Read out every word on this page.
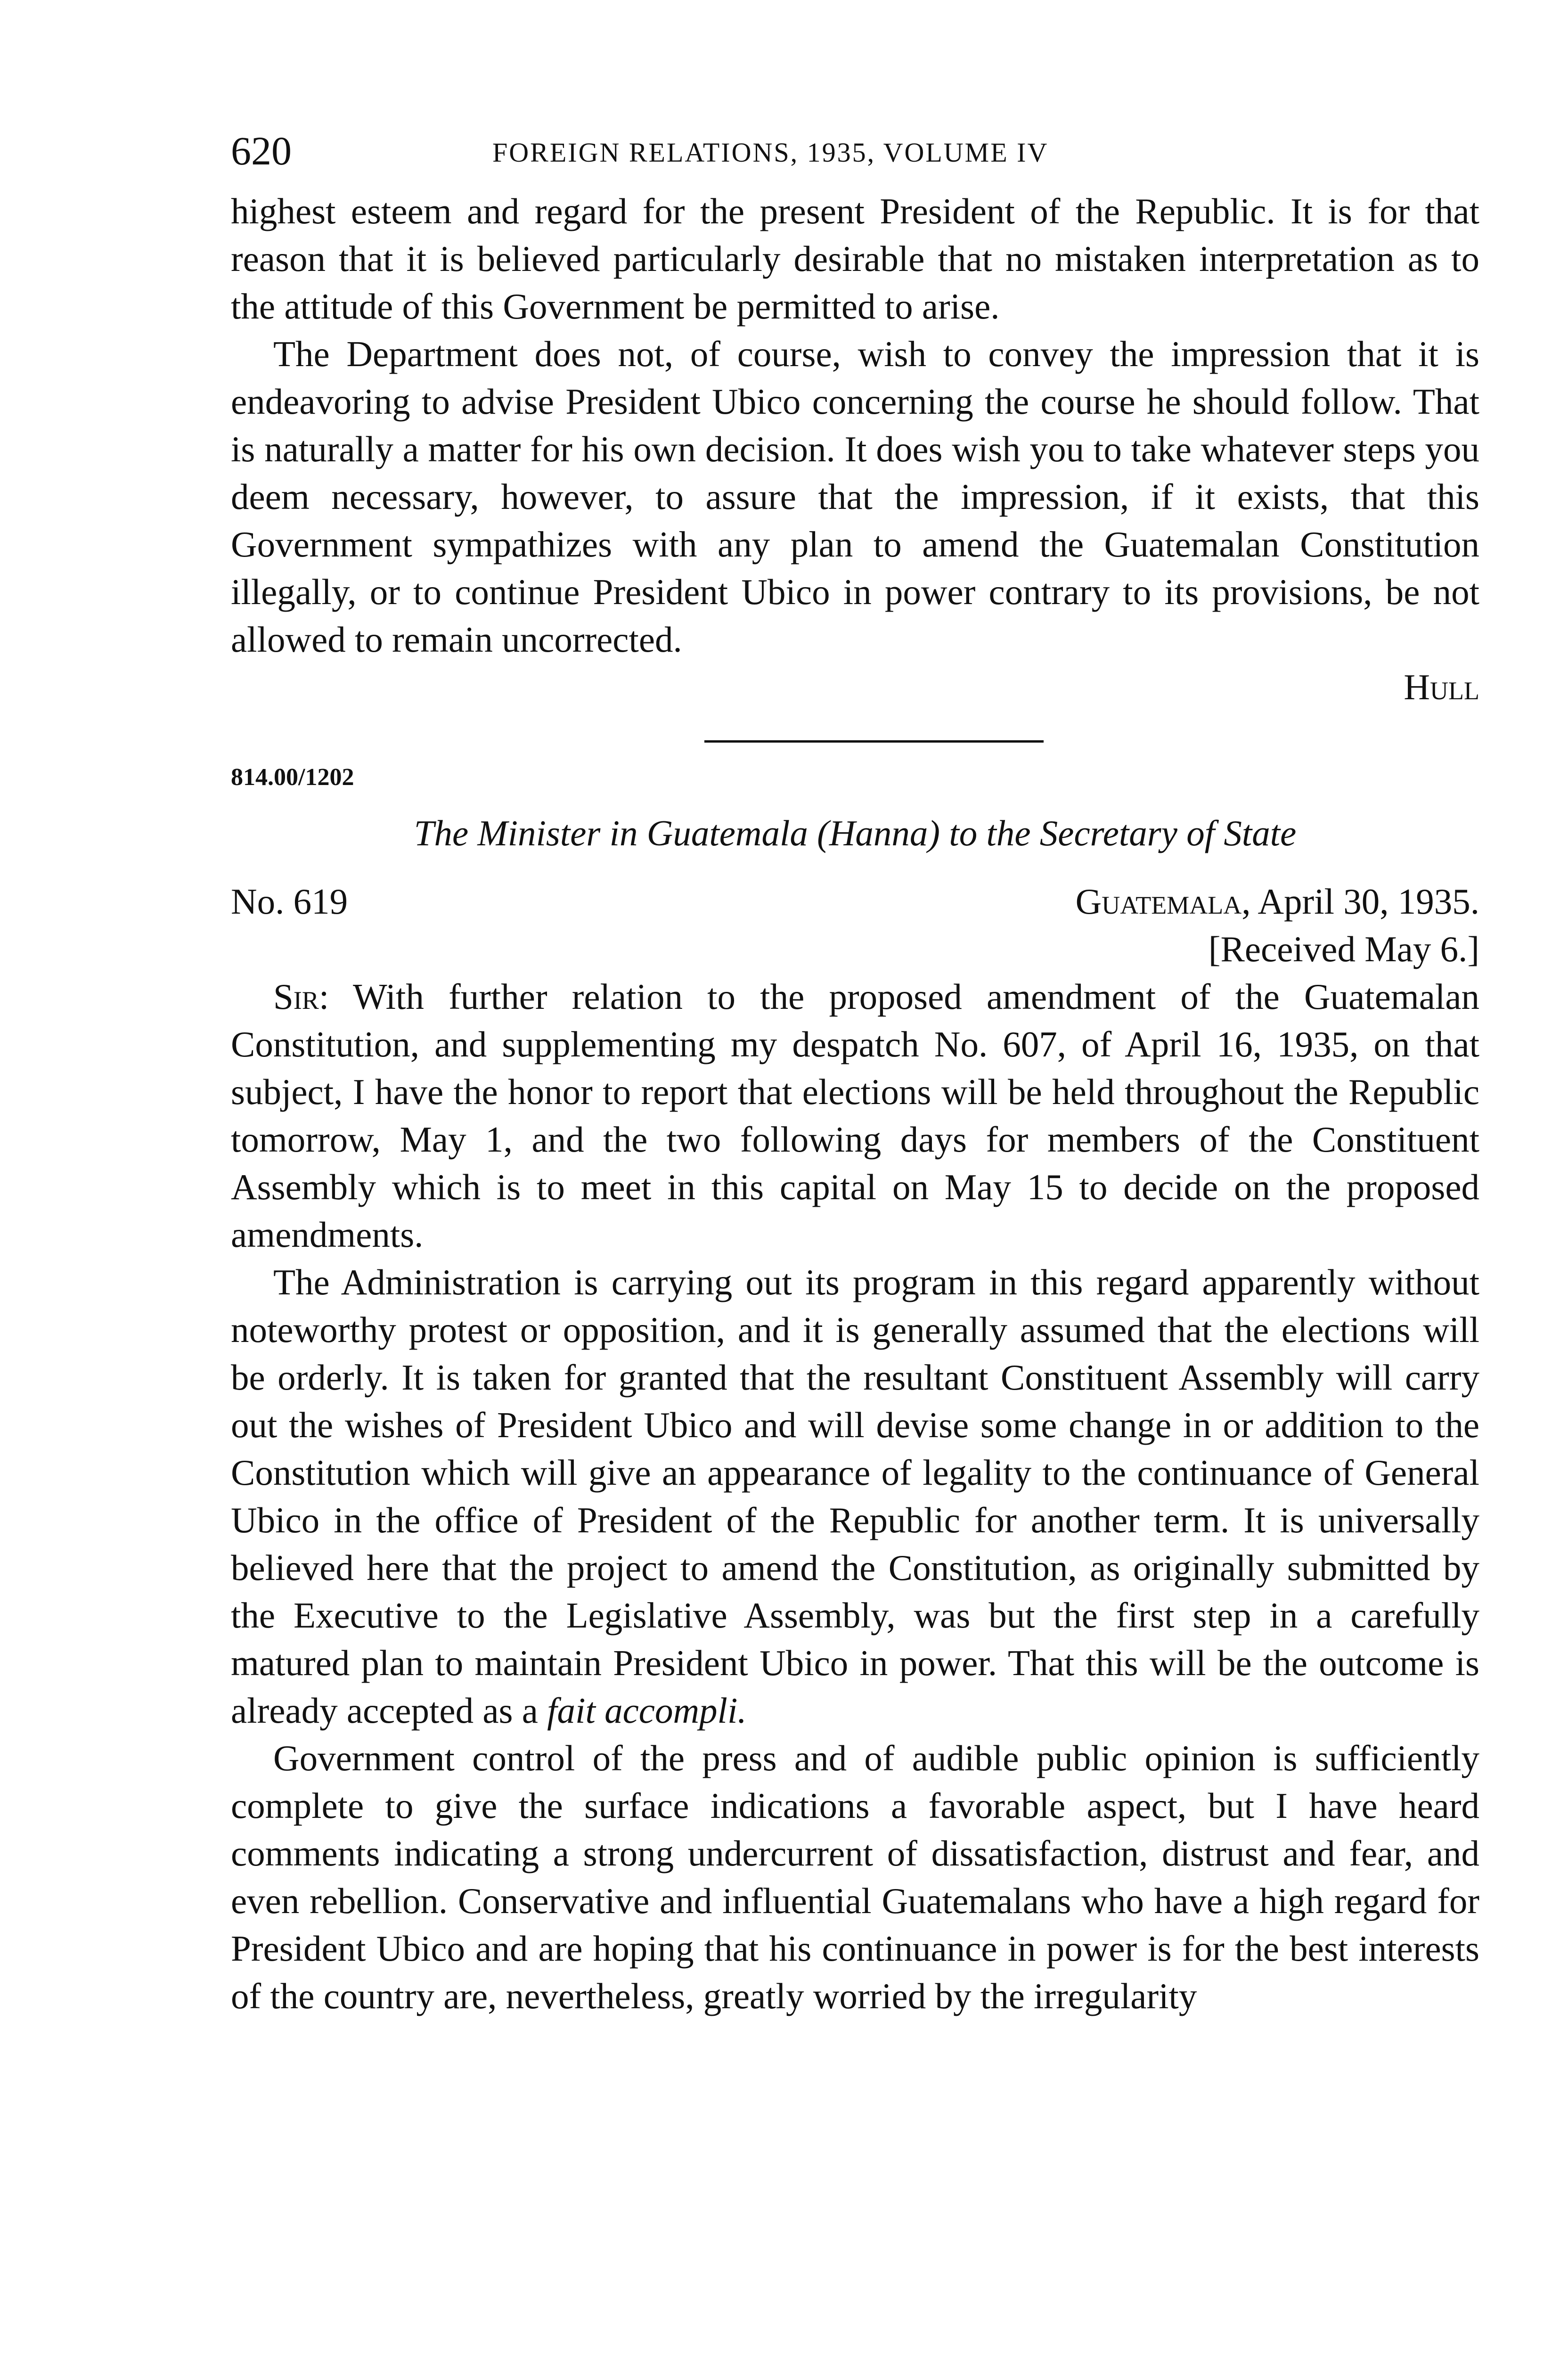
620	FOREIGN RELATIONS, 1935, VOLUME IV

highest esteem and regard for the present President of the Republic. It is for that reason that it is believed particularly desirable that no mistaken interpretation as to the attitude of this Government be permitted to arise.

The Department does not, of course, wish to convey the impression that it is endeavoring to advise President Ubico concerning the course he should follow. That is naturally a matter for his own decision. It does wish you to take whatever steps you deem necessary, however, to assure that the impression, if it exists, that this Government sympathizes with any plan to amend the Guatemalan Constitution illegally, or to continue President Ubico in power contrary to its provisions, be not allowed to remain uncorrected.

Hull
814.00/1202
The Minister in Guatemala (Hanna) to the Secretary of State
No. 619	Guatemala, April 30, 1935.
[Received May 6.]

Sir: With further relation to the proposed amendment of the Guatemalan Constitution, and supplementing my despatch No. 607, of April 16, 1935, on that subject, I have the honor to report that elections will be held throughout the Republic tomorrow, May 1, and the two following days for members of the Constituent Assembly which is to meet in this capital on May 15 to decide on the proposed amendments.

The Administration is carrying out its program in this regard apparently without noteworthy protest or opposition, and it is generally assumed that the elections will be orderly. It is taken for granted that the resultant Constituent Assembly will carry out the wishes of President Ubico and will devise some change in or addition to the Constitution which will give an appearance of legality to the continuance of General Ubico in the office of President of the Republic for another term. It is universally believed here that the project to amend the Constitution, as originally submitted by the Executive to the Legislative Assembly, was but the first step in a carefully matured plan to maintain President Ubico in power. That this will be the outcome is already accepted as a fait accompli.

Government control of the press and of audible public opinion is sufficiently complete to give the surface indications a favorable aspect, but I have heard comments indicating a strong undercurrent of dissatisfaction, distrust and fear, and even rebellion. Conservative and influential Guatemalans who have a high regard for President Ubico and are hoping that his continuance in power is for the best interests of the country are, nevertheless, greatly worried by the irregularity
